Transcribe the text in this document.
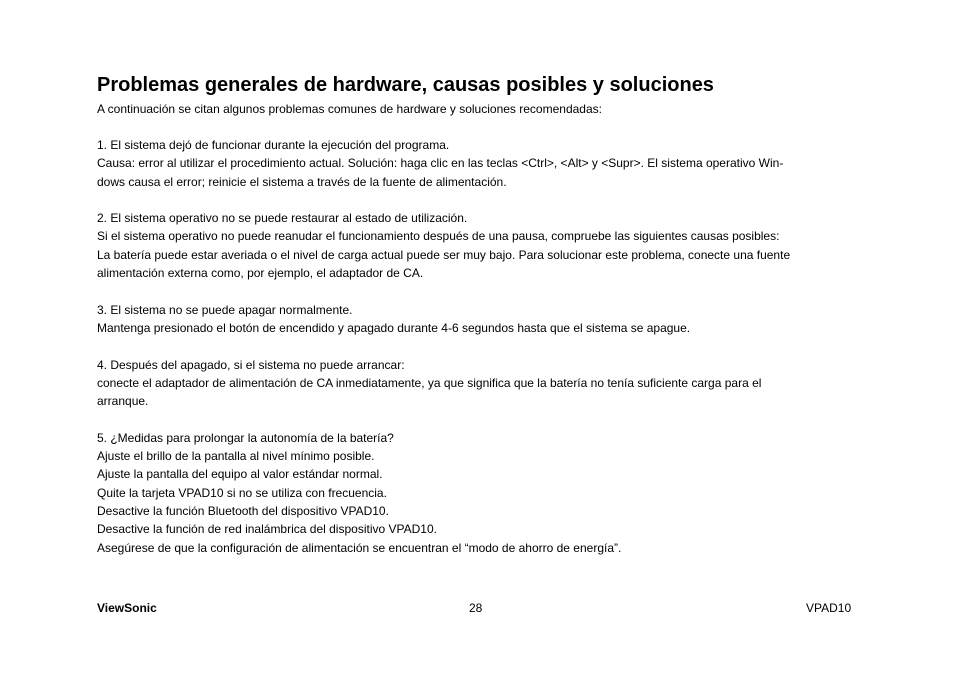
Problemas generales de hardware, causas posibles y soluciones

A continuación se citan algunos problemas comunes de hardware y soluciones recomendadas:

1. El sistema dejó de funcionar durante la ejecución del programa.
Causa: error al utilizar el procedimiento actual. Solución: haga clic en las teclas <Ctrl>, <Alt> y <Supr>. El sistema operativo Win-
dows causa el error; reinicie el sistema a través de la fuente de alimentación.
2. El sistema operativo no se puede restaurar al estado de utilización.
Si el sistema operativo no puede reanudar el funcionamiento después de una pausa, compruebe las siguientes causas posibles:
La batería puede estar averiada o el nivel de carga actual puede ser muy bajo. Para solucionar este problema, conecte una fuente
alimentación externa como, por ejemplo, el adaptador de CA.
3. El sistema no se puede apagar normalmente.
Mantenga presionado el botón de encendido y apagado durante 4-6 segundos hasta que el sistema se apague.
4. Después del apagado, si el sistema no puede arrancar:
conecte el adaptador de alimentación de CA inmediatamente, ya que significa que la batería no tenía suficiente carga para el
arranque.
5. ¿Medidas para prolongar la autonomía de la batería?
Ajuste el brillo de la pantalla al nivel mínimo posible.
Ajuste la pantalla del equipo al valor estándar normal.
Quite la tarjeta VPAD10 si no se utiliza con frecuencia.
Desactive la función Bluetooth del dispositivo VPAD10.
Desactive la función de red inalámbrica del dispositivo VPAD10.
Asegúrese de que la configuración de alimentación se encuentran el “modo de ahorro de energía”.
ViewSonic	28	VPAD10
